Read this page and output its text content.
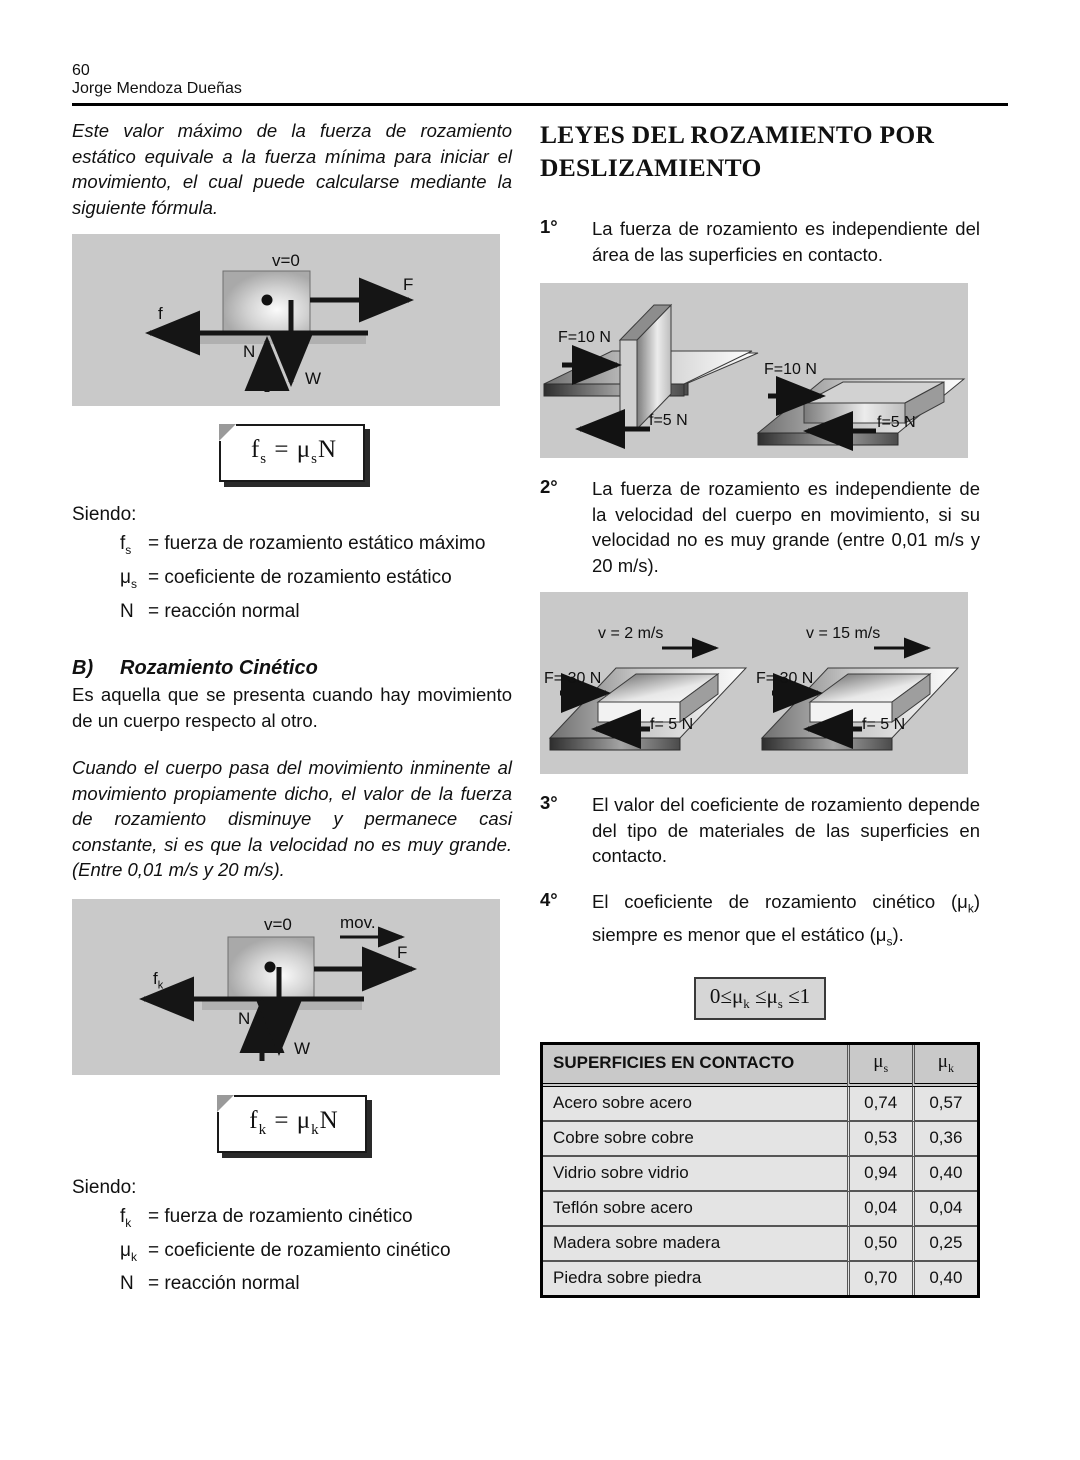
60
Jorge Mendoza Dueñas

Este valor máximo de la fuerza de rozamiento estático equivale a la fuerza mínima para iniciar el movimiento, el cual puede calcularse mediante la siguiente fórmula.

v=0
F
f
N
W
$f_s = \mu_sN$

Siendo:

$f_s$ = fuerza de rozamiento estático máximo
$\mu_s$ = coeficiente de rozamiento estático
N = reacción normal
B) Rozamiento Cinético

Es aquella que se presenta cuando hay movimiento de un cuerpo respecto al otro.

Cuando el cuerpo pasa del movimiento inminente al movimiento propiamente dicho, el valor de la fuerza de rozamiento disminuye y permanece casi constante, si es que la velocidad no es muy grande. (Entre 0,01 m/s y 20 m/s).

v=0	mov.
F
$f_k$
N
W
$f_k = \mu_kN$

Siendo:

$f_k$ = fuerza de rozamiento cinético
$\mu_k$ = coeficiente de rozamiento cinético
N = reacción normal
LEYES DEL ROZAMIENTO POR DESLIZAMIENTO
1° La fuerza de rozamiento es independiente del área de las superficies en contacto.

F=10 N
f=5 N
F=10 N
f=5 N
2° La fuerza de rozamiento es independiente de la velocidad del cuerpo en movimiento, si su velocidad no es muy grande (entre 0,01 m/s y 20 m/s).

v = 2 m/s
F= 30 N
f= 5 N
v = 15 m/s
F= 30 N
f= 5 N
3° El valor del coeficiente de rozamiento depende del tipo de materiales de las superficies en contacto.

4° El coeficiente de rozamiento cinético $(\mu_k)$ siempre es menor que el estático $(\mu_s)$.

$0\le\mu_k \le\mu_s \le 1$
SUPERFICIES EN CONTACTO	$\mu_s$	$\mu_k$
Acero sobre acero	0,74	0,57
Cobre sobre cobre	0,53	0,36
Vidrio sobre vidrio	0,94	0,40
Teflón sobre acero	0,04	0,04
Madera sobre madera	0,50	0,25
Piedra sobre piedra	0,70	0,40
